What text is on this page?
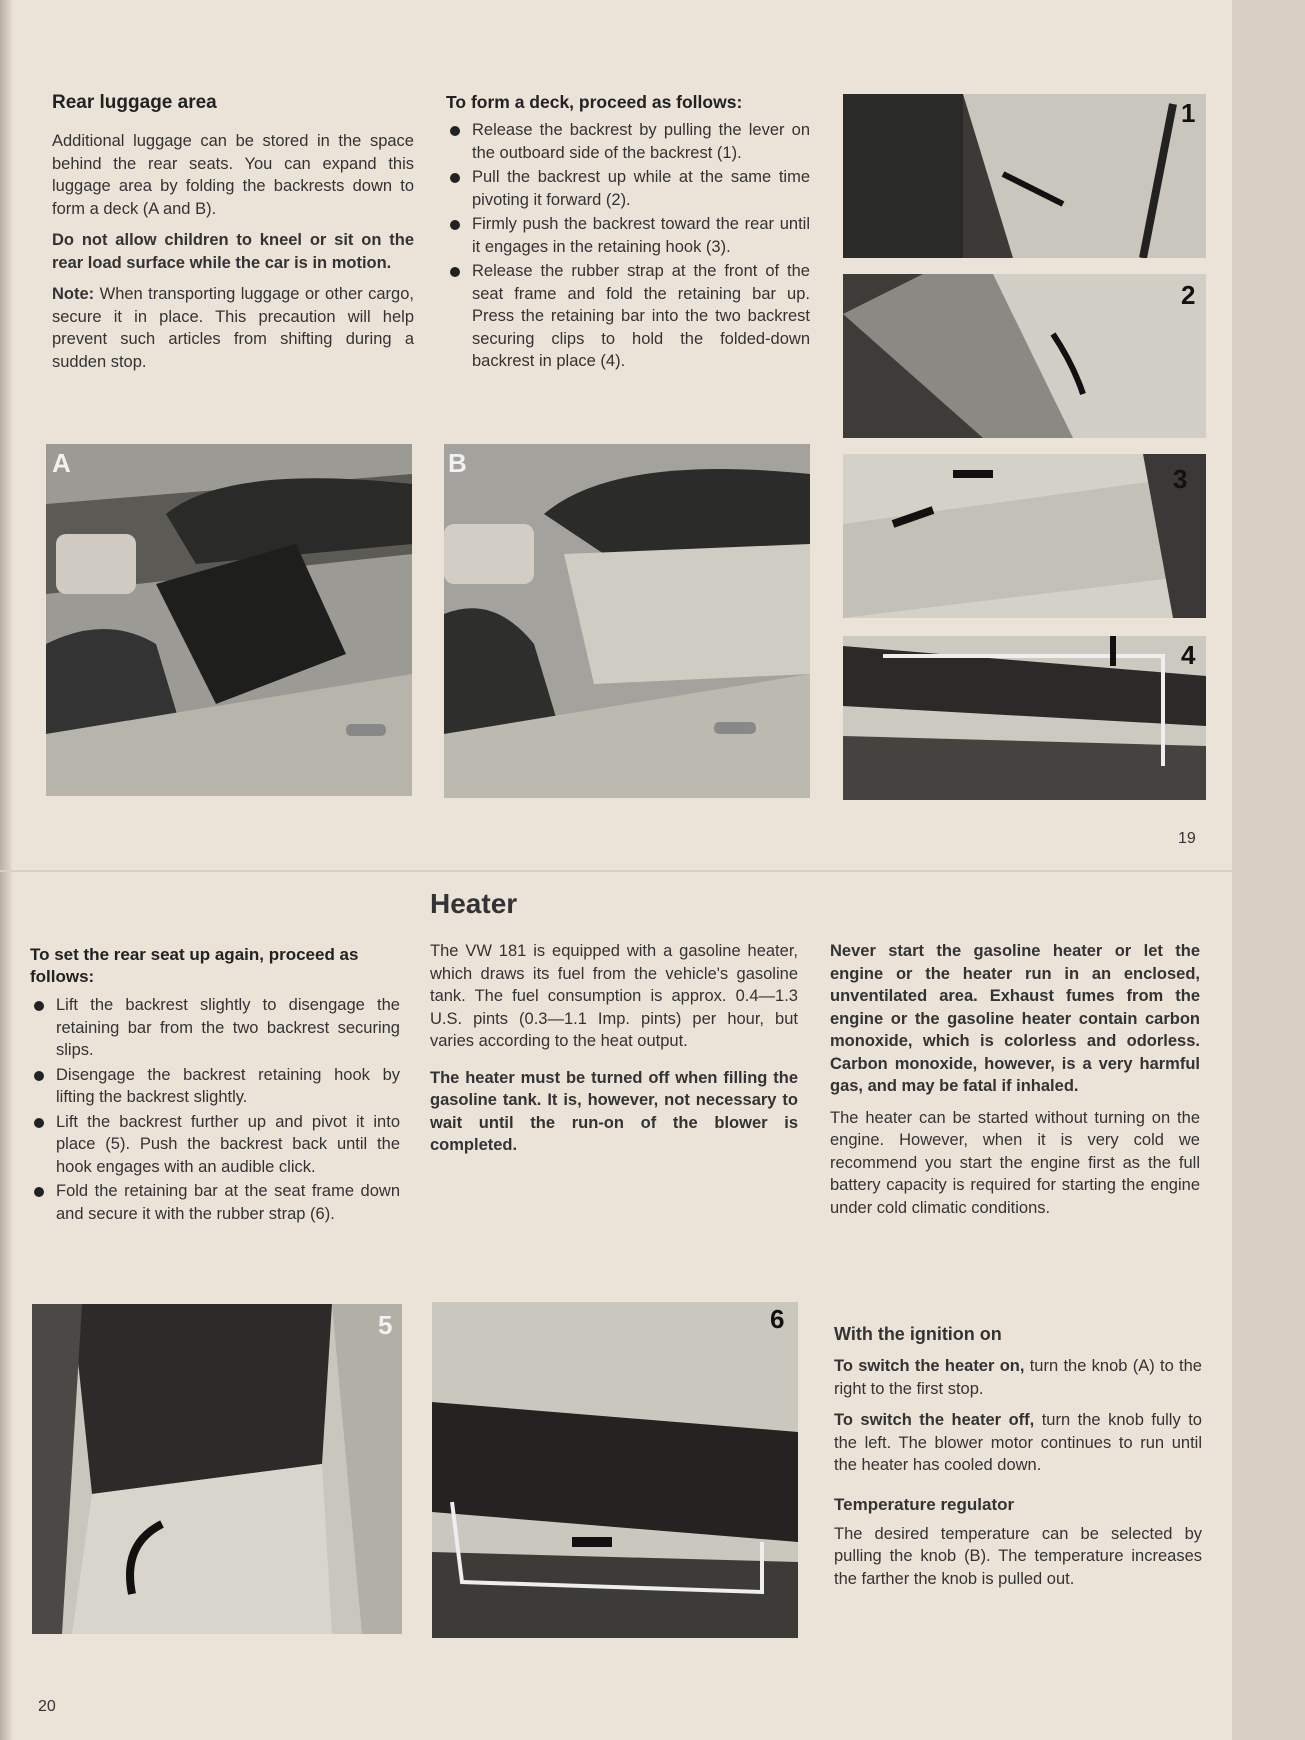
Rear luggage area

Additional luggage can be stored in the space behind the rear seats. You can expand this luggage area by folding the backrests down to form a deck (A and B).

Do not allow children to kneel or sit on the rear load surface while the car is in motion.

Note: When transporting luggage or other cargo, secure it in place. This precaution will help prevent such articles from shifting during a sudden stop.

To form a deck, proceed as follows:
Release the backrest by pulling the lever on the outboard side of the backrest (1).
Pull the backrest up while at the same time pivoting it forward (2).
Firmly push the backrest toward the rear until it engages in the retaining hook (3).
Release the rubber strap at the front of the seat frame and fold the retaining bar up. Press the retaining bar into the two backrest securing clips to hold the folded-down backrest in place (4).
A	B
1
2
3
4
19
Heater
To set the rear seat up again, proceed as follows:
Lift the backrest slightly to disengage the retaining bar from the two backrest securing slips.
Disengage the backrest retaining hook by lifting the backrest slightly.
Lift the backrest further up and pivot it into place (5). Push the backrest back until the hook engages with an audible click.
Fold the retaining bar at the seat frame down and secure it with the rubber strap (6).

The VW 181 is equipped with a gasoline heater, which draws its fuel from the vehicle's gasoline tank. The fuel consumption is approx. 0.4—1.3 U.S. pints (0.3—1.1 Imp. pints) per hour, but varies according to the heat output.

The heater must be turned off when filling the gasoline tank. It is, however, not necessary to wait until the run-on of the blower is completed.

Never start the gasoline heater or let the engine or the heater run in an enclosed, unventilated area. Exhaust fumes from the engine or the gasoline heater contain carbon monoxide, which is colorless and odorless. Carbon monoxide, however, is a very harmful gas, and may be fatal if inhaled.

The heater can be started without turning on the engine. However, when it is very cold we recommend you start the engine first as the full battery capacity is required for starting the engine under cold climatic conditions.

5	6	With the ignition on

To switch the heater on, turn the knob (A) to the right to the first stop.

To switch the heater off, turn the knob fully to the left. The blower motor continues to run until the heater has cooled down.

Temperature regulator

The desired temperature can be selected by pulling the knob (B). The temperature increases the farther the knob is pulled out.

20
